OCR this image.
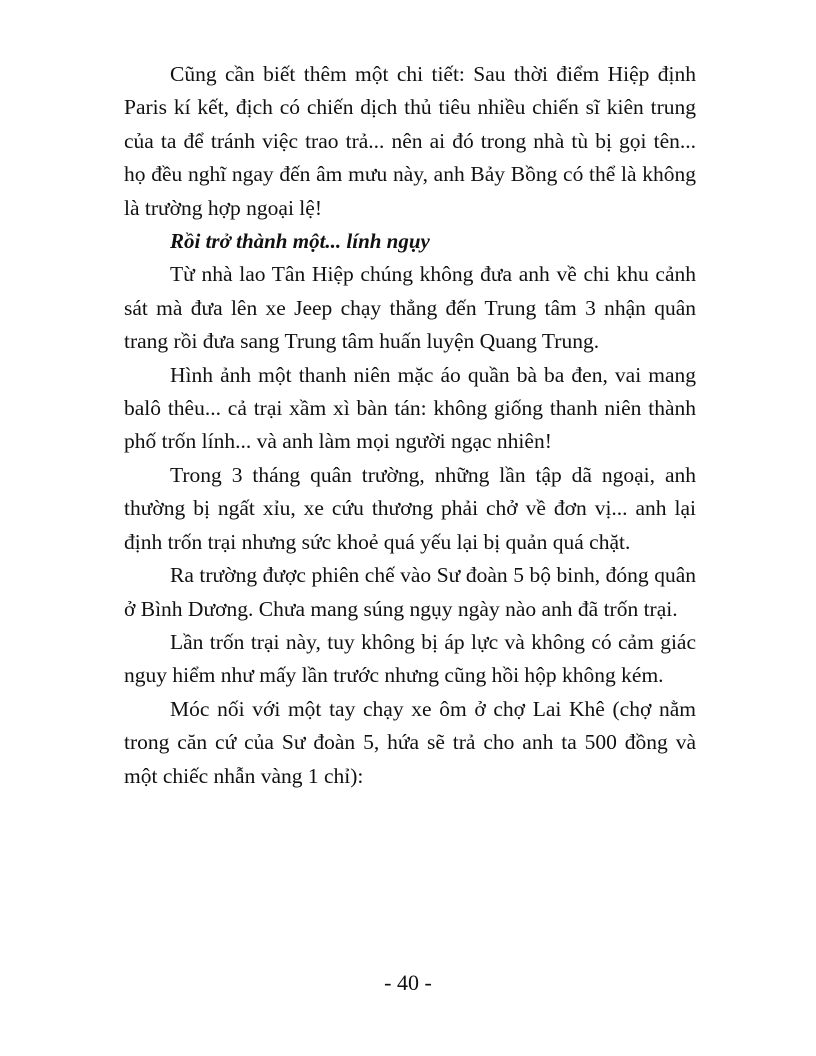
Cũng cần biết thêm một chi tiết: Sau thời điểm Hiệp định Paris kí kết, địch có chiến dịch thủ tiêu nhiều chiến sĩ kiên trung của ta để tránh việc trao trả... nên ai đó trong nhà tù bị gọi tên... họ đều nghĩ ngay đến âm mưu này, anh Bảy Bồng có thể là không là trường hợp ngoại lệ!

Rồi trở thành một... lính ngụy

Từ nhà lao Tân Hiệp chúng không đưa anh về chi khu cảnh sát mà đưa lên xe Jeep chạy thẳng đến Trung tâm 3 nhận quân trang rồi đưa sang Trung tâm huấn luyện Quang Trung.

Hình ảnh một thanh niên mặc áo quần bà ba đen, vai mang balô thêu... cả trại xầm xì bàn tán: không giống thanh niên thành phố trốn lính... và anh làm mọi người ngạc nhiên!

Trong 3 tháng quân trường, những lần tập dã ngoại, anh thường bị ngất xỉu, xe cứu thương phải chở về đơn vị... anh lại định trốn trại nhưng sức khoẻ quá yếu lại bị quản quá chặt.

Ra trường được phiên chế vào Sư đoàn 5 bộ binh, đóng quân ở Bình Dương. Chưa mang súng ngụy ngày nào anh đã trốn trại.

Lần trốn trại này, tuy không bị áp lực và không có cảm giác nguy hiểm như mấy lần trước nhưng cũng hồi hộp không kém.

Móc nối với một tay chạy xe ôm ở chợ Lai Khê (chợ nằm trong căn cứ của Sư đoàn 5, hứa sẽ trả cho anh ta 500 đồng và một chiếc nhẫn vàng 1 chỉ):

- 40 -
